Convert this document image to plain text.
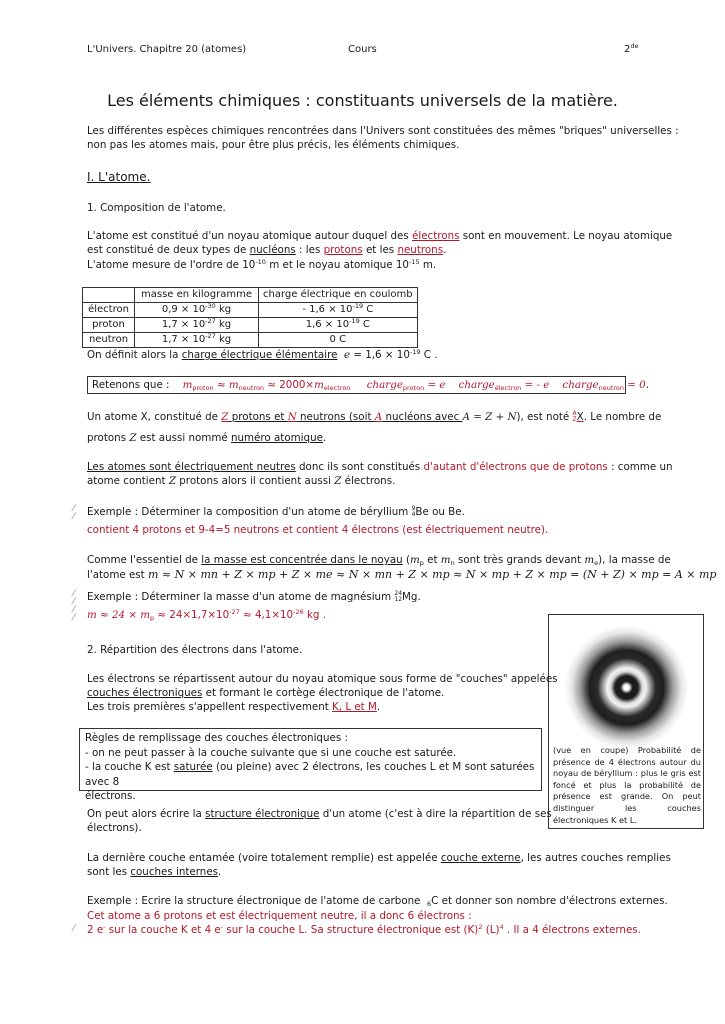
L'Univers. Chapitre 20 (atomes)	Cours	2de
Les éléments chimiques : constituants universels de la matière.
Les différentes espèces chimiques rencontrées dans l'Univers sont constituées des mêmes "briques" universelles :
non pas les atomes mais, pour être plus précis, les éléments chimiques.
I. L'atome.
1. Composition de l'atome.
L'atome est constitué d'un noyau atomique autour duquel des électrons sont en mouvement. Le noyau atomique
est constitué de deux types de nucléons : les protons et les neutrons.
L'atome mesure de l'ordre de $10^{-10}$ m et le noyau atomique $10^{-15}$ m.
	masse en kilogramme	charge électrique en coulomb
électron	$0,9 \times 10^{-30}$ kg	- $1,6 \times 10^{-19}$ C
proton	$1,7 \times 10^{-27}$ kg	$1,6 \times 10^{-19}$ C
neutron	$1,7 \times 10^{-27}$ kg	0 C
On définit alors la charge électrique élémentaire $e = 1,6 \times 10^{-19}$ C .
Retenons que : $m_{proton} \approx m_{neutron} \approx 2000\times m_{electron}$ charge$_{proton}$ = e charge$_{électron}$ = - e charge$_{neutron}$ = 0.
Un atome X, constitué de Z protons et N neutrons (soit A nucléons avec A = Z + N), est noté A
ZX. Le nombre de
protons Z est aussi nommé numéro atomique.
Les atomes sont électriquement neutres donc ils sont constitués d'autant d'électrons que de protons : comme un
atome contient Z protons alors il contient aussi Z électrons.
⁄
⁄ Exemple : Déterminer la composition d'un atome de béryllium 9
4Be ou Be.
contient 4 protons et 9-4=5 neutrons et contient 4 électrons (est électriquement neutre).
Comme l'essentiel de la masse est concentrée dans le noyau ($m_p$ et $m_n$ sont très grands devant $m_e$), la masse de
l'atome est m ≈ N × mn + Z × mp + Z × me ≈ N × mn + Z × mp ≈ N × mp + Z × mp = (N + Z) × mp = A × mp
⁄
⁄
⁄
⁄
Exemple : Déterminer la masse d'un atome de magnésium 24
12Mg.
$m \approx 24 \times m_p \approx 24\times 1,7\times 10^{-27} \approx 4,1\times 10^{-26}$ kg .
2. Répartition des électrons dans l'atome.
Les électrons se répartissent autour du noyau atomique sous forme de "couches" appelées
couches électroniques et formant le cortège électronique de l'atome.
Les trois premières s'appellent respectivement K, L et M.
Règles de remplissage des couches électroniques :
- on ne peut passer à la couche suivante que si une couche est saturée.
- la couche K est saturée (ou pleine) avec 2 électrons, les couches L et M sont saturées avec 8
électrons.
(vue en coupe) Probabilité de présence de 4 électrons autour du noyau de béryllium : plus le gris est foncé et plus la probabilité de présence est grande. On peut distinguer les couches électroniques K et L.
On peut alors écrire la structure électronique d'un atome (c'est à dire la répartition de ses
électrons).
La dernière couche entamée (voire totalement remplie) est appelée couche externe, les autres couches remplies
sont les couches internes.
Exemple : Ecrire la structure électronique de l'atome de carbone  $_6$C et donner son nombre d'électrons externes.
Cet atome a 6 protons et est électriquement neutre, il a donc 6 électrons :
⁄ 2 e- sur la couche K et 4 e- sur la couche L. Sa structure électronique est $(K)^2$ $(L)^4$ . Il a 4 électrons externes.
